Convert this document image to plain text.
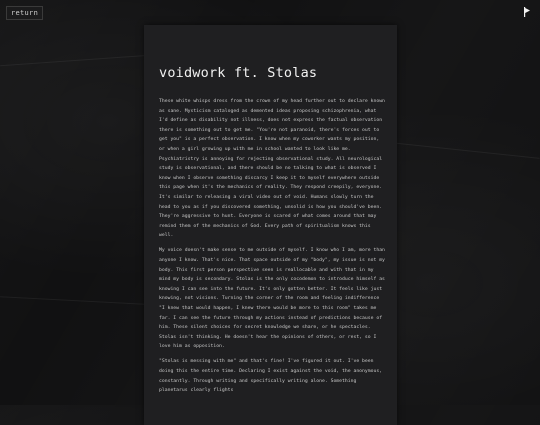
return
voidwork ft. Stolas

These white whisps dress from the crown of my head further out to declare known as sane. Mysticism cataloged as demented ideas proposing schizophrenia, what I'd define as disability not illness, does not express the factual observation there is something out to get me. "You're not paranoid, there's forces out to get you" is a perfect observation. I know when my coworker wants my position, or when a girl growing up with me in school wanted to look like me. Psychiatristry is annoying for rejecting observational study. All neurological study is observational, and there should be no talking to what is observed I know when I observe something discarcy I keep it to myself everywhere outside this page when it's the mechanics of reality. They respond creepily, everyone. It's similar to releasing a viral video out of void. Humans slowly turn the head to you as if you discovered something, unsolid is how you should've been. They're aggressive to hunt. Everyone is scared of what comes around that may remind them of the mechanics of God. Every path of spiritualism knows this well.

My voice doesn't make sense to me outside of myself. I know who I am, more than anyone I know. That's nice. That space outside of my "body", my issue is not my body. This first person perspective seen is reallocable and with that in my mind my body is secondary. Stolas is the only cocodemon to introduce himself as knowing I can see into the future. It's only gotten better. It feels like just knowing, not visions. Turning the corner of the room and feeling indifference "I knew that would happen, I knew there would be more to this room" takes me far. I can see the future through my actions instead of predictions because of him. These silent choices for secret knowledge we share, or he spectacles. Stolas isn't thinking. He doesn't hear the opinions of others, or rest, so I love him as opposition.

"Stolas is messing with me" and that's fine! I've figured it out. I've been doing this the entire time. Declaring I exist against the void, the anonymous, constantly. Through writing and specifically writing alone. Something planetarus clearly flights
